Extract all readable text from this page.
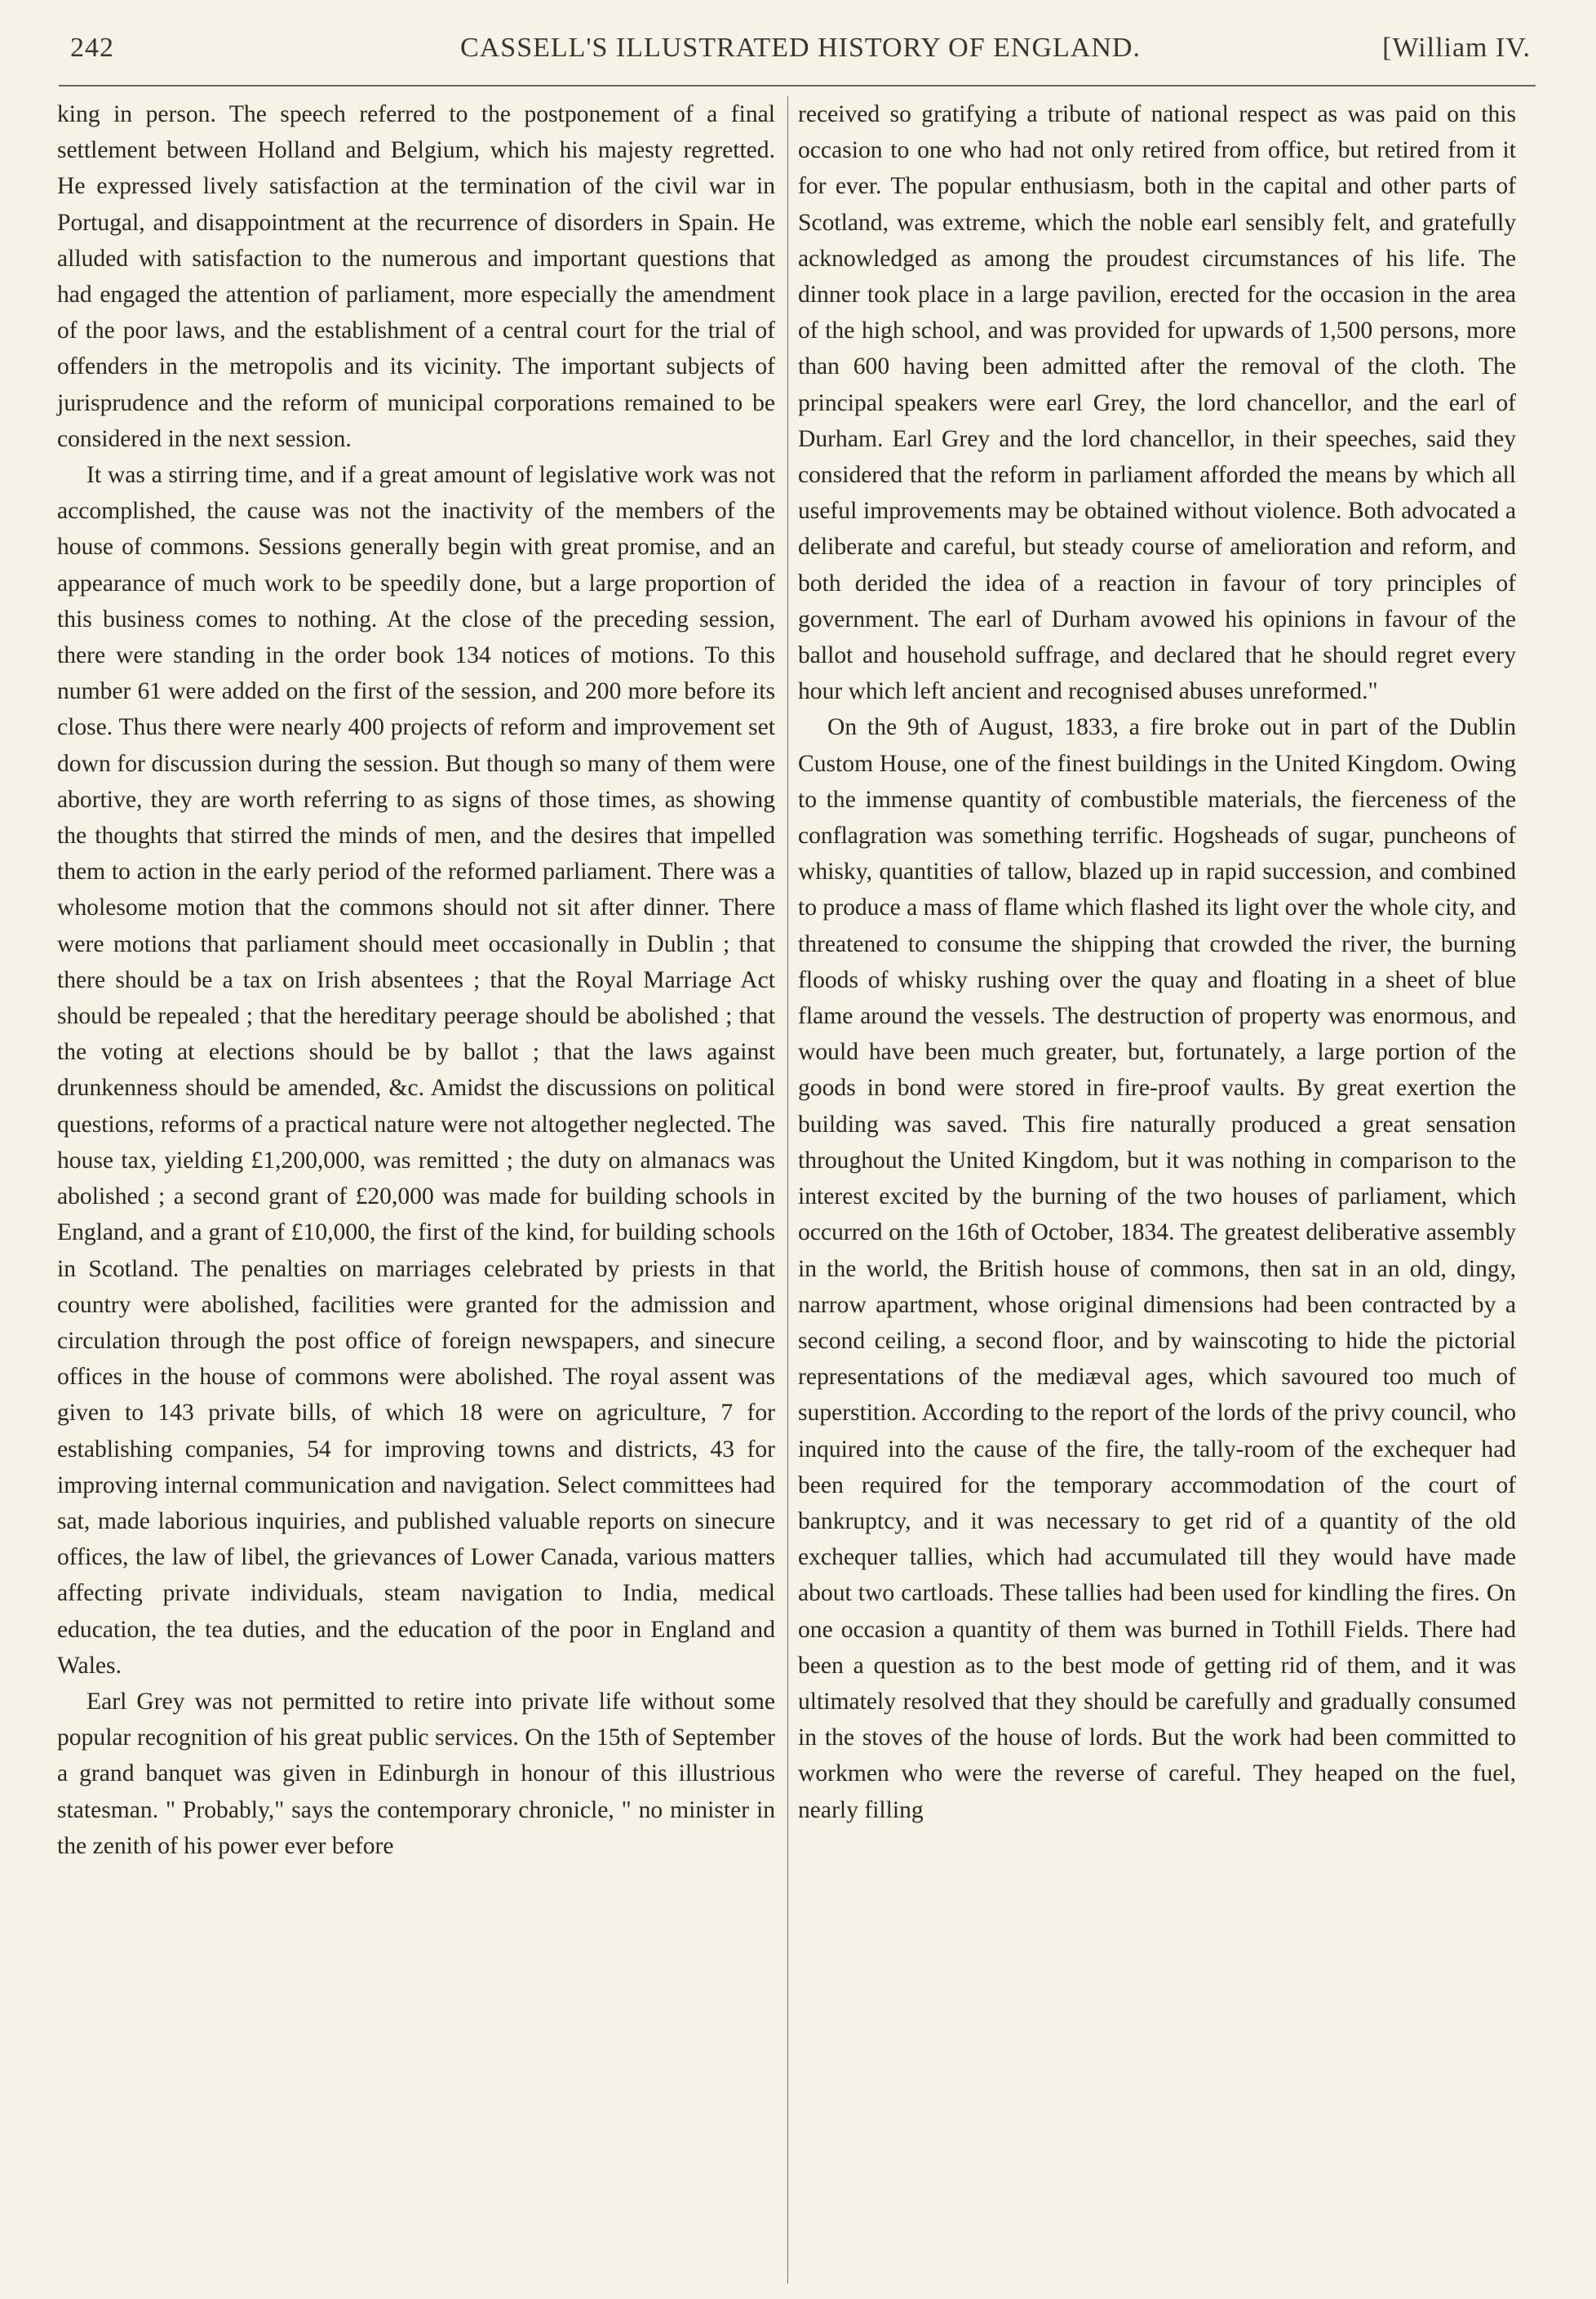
242	CASSELL'S ILLUSTRATED HISTORY OF ENGLAND.	[William IV.

king in person. The speech referred to the postponement of a final settlement between Holland and Belgium, which his majesty regretted. He expressed lively satisfaction at the termination of the civil war in Portugal, and disappointment at the recurrence of disorders in Spain. He alluded with satisfaction to the numerous and important questions that had engaged the attention of parliament, more especially the amendment of the poor laws, and the establishment of a central court for the trial of offenders in the metropolis and its vicinity. The important subjects of jurisprudence and the reform of municipal corporations remained to be considered in the next session.

It was a stirring time, and if a great amount of legislative work was not accomplished, the cause was not the inactivity of the members of the house of commons. Sessions generally begin with great promise, and an appearance of much work to be speedily done, but a large proportion of this business comes to nothing. At the close of the preceding session, there were standing in the order book 134 notices of motions. To this number 61 were added on the first of the session, and 200 more before its close. Thus there were nearly 400 projects of reform and improvement set down for discussion during the session. But though so many of them were abortive, they are worth referring to as signs of those times, as showing the thoughts that stirred the minds of men, and the desires that impelled them to action in the early period of the reformed parliament. There was a wholesome motion that the commons should not sit after dinner. There were motions that parliament should meet occasionally in Dublin ; that there should be a tax on Irish absentees ; that the Royal Marriage Act should be repealed ; that the hereditary peerage should be abolished ; that the voting at elections should be by ballot ; that the laws against drunkenness should be amended, &c. Amidst the discussions on political questions, reforms of a practical nature were not altogether neglected. The house tax, yielding £1,200,000, was remitted ; the duty on almanacs was abolished ; a second grant of £20,000 was made for building schools in England, and a grant of £10,000, the first of the kind, for building schools in Scotland. The penalties on marriages celebrated by priests in that country were abolished, facilities were granted for the admission and circulation through the post office of foreign newspapers, and sinecure offices in the house of commons were abolished. The royal assent was given to 143 private bills, of which 18 were on agriculture, 7 for establishing companies, 54 for improving towns and districts, 43 for improving internal communication and navigation. Select committees had sat, made laborious inquiries, and published valuable reports on sinecure offices, the law of libel, the grievances of Lower Canada, various matters affecting private individuals, steam navigation to India, medical education, the tea duties, and the education of the poor in England and Wales.

Earl Grey was not permitted to retire into private life without some popular recognition of his great public services. On the 15th of September a grand banquet was given in Edinburgh in honour of this illustrious statesman. " Probably," says the contemporary chronicle, " no minister in the zenith of his power ever before

received so gratifying a tribute of national respect as was paid on this occasion to one who had not only retired from office, but retired from it for ever. The popular enthusiasm, both in the capital and other parts of Scotland, was extreme, which the noble earl sensibly felt, and gratefully acknowledged as among the proudest circumstances of his life. The dinner took place in a large pavilion, erected for the occasion in the area of the high school, and was provided for upwards of 1,500 persons, more than 600 having been admitted after the removal of the cloth. The principal speakers were earl Grey, the lord chancellor, and the earl of Durham. Earl Grey and the lord chancellor, in their speeches, said they considered that the reform in parliament afforded the means by which all useful improvements may be obtained without violence. Both advocated a deliberate and careful, but steady course of amelioration and reform, and both derided the idea of a reaction in favour of tory principles of government. The earl of Durham avowed his opinions in favour of the ballot and household suffrage, and declared that he should regret every hour which left ancient and recognised abuses unreformed."

On the 9th of August, 1833, a fire broke out in part of the Dublin Custom House, one of the finest buildings in the United Kingdom. Owing to the immense quantity of combustible materials, the fierceness of the conflagration was something terrific. Hogsheads of sugar, puncheons of whisky, quantities of tallow, blazed up in rapid succession, and combined to produce a mass of flame which flashed its light over the whole city, and threatened to consume the shipping that crowded the river, the burning floods of whisky rushing over the quay and floating in a sheet of blue flame around the vessels. The destruction of property was enormous, and would have been much greater, but, fortunately, a large portion of the goods in bond were stored in fire-proof vaults. By great exertion the building was saved. This fire naturally produced a great sensation throughout the United Kingdom, but it was nothing in comparison to the interest excited by the burning of the two houses of parliament, which occurred on the 16th of October, 1834. The greatest deliberative assembly in the world, the British house of commons, then sat in an old, dingy, narrow apartment, whose original dimensions had been contracted by a second ceiling, a second floor, and by wainscoting to hide the pictorial representations of the mediæval ages, which savoured too much of superstition. According to the report of the lords of the privy council, who inquired into the cause of the fire, the tally-room of the exchequer had been required for the temporary accommodation of the court of bankruptcy, and it was necessary to get rid of a quantity of the old exchequer tallies, which had accumulated till they would have made about two cartloads. These tallies had been used for kindling the fires. On one occasion a quantity of them was burned in Tothill Fields. There had been a question as to the best mode of getting rid of them, and it was ultimately resolved that they should be carefully and gradually consumed in the stoves of the house of lords. But the work had been committed to workmen who were the reverse of careful. They heaped on the fuel, nearly filling
